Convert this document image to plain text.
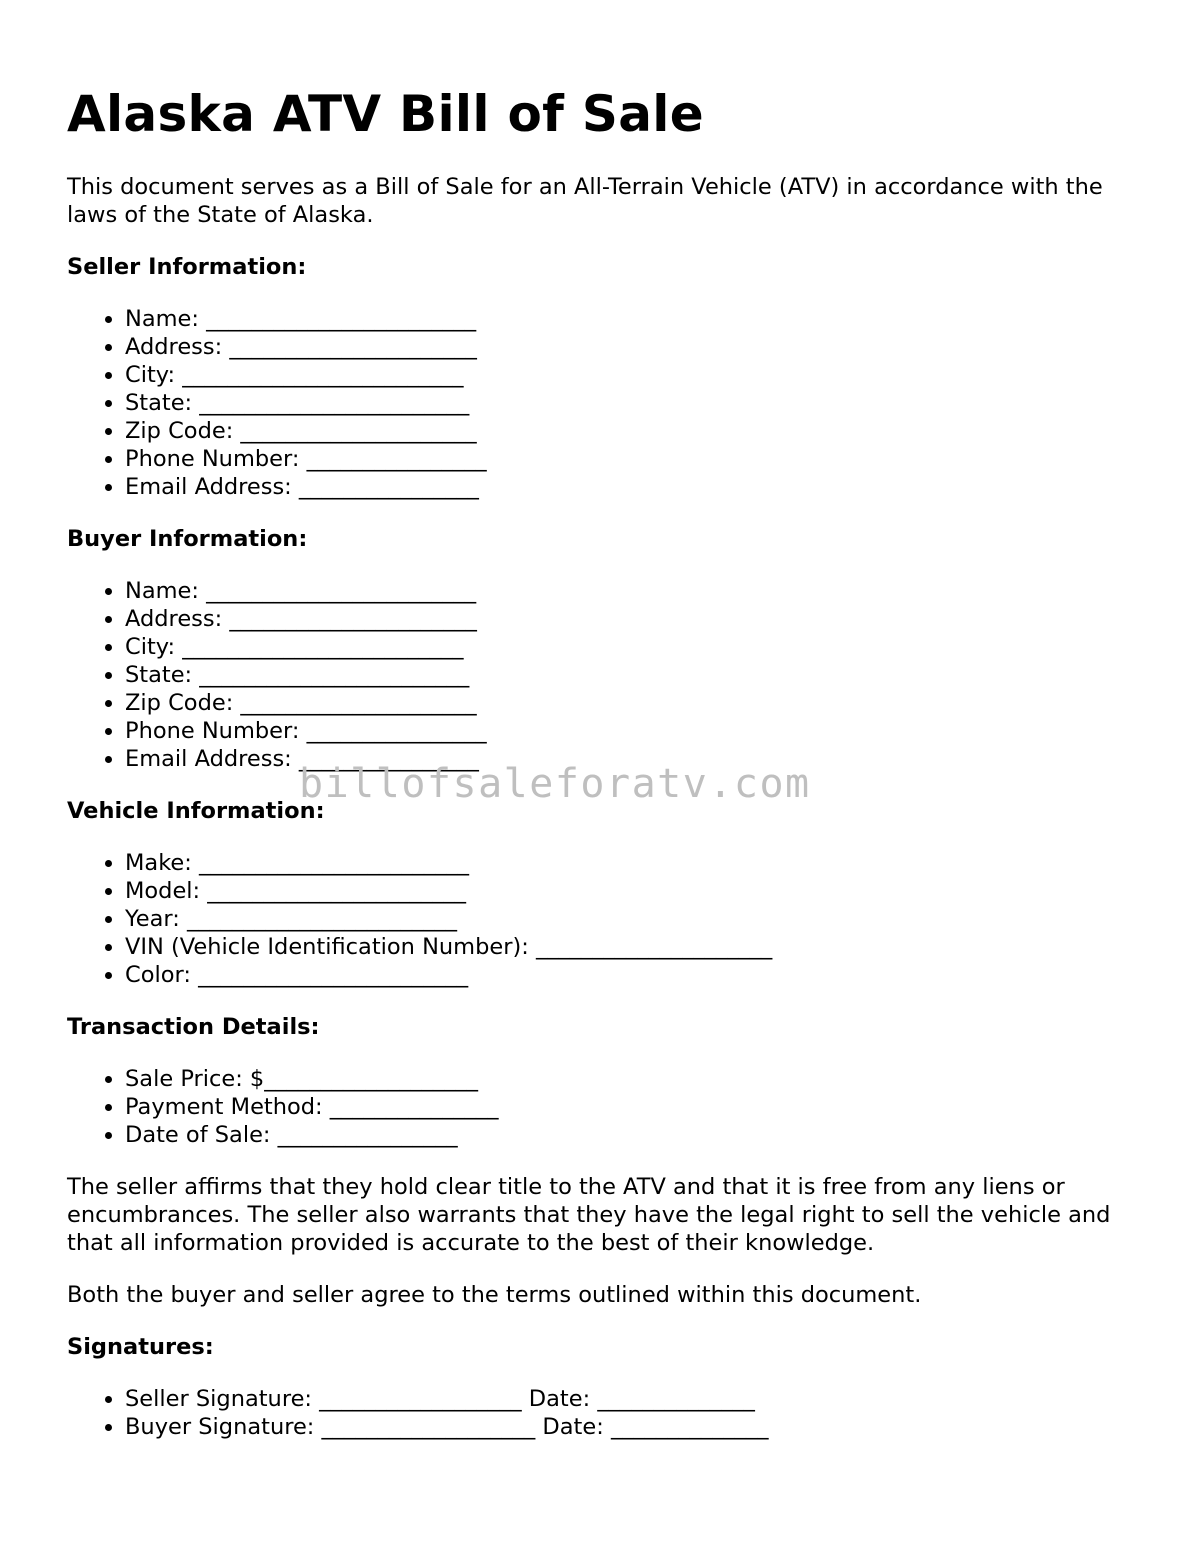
Alaska ATV Bill of Sale

This document serves as a Bill of Sale for an All-Terrain Vehicle (ATV) in accordance with the laws of the State of Alaska.

Seller Information:
• Name: ________________________
• Address: ______________________
• City: _________________________
• State: ________________________
• Zip Code: _____________________
• Phone Number: ________________
• Email Address: ________________
Buyer Information:
• Name: ________________________
• Address: ______________________
• City: _________________________
• State: ________________________
• Zip Code: _____________________
• Phone Number: ________________
• Email Address: ________________
Vehicle Information:
• Make: ________________________
• Model: _______________________
• Year: ________________________
• VIN (Vehicle Identification Number): _____________________
• Color: ________________________
Transaction Details:
• Sale Price: $___________________
• Payment Method: _______________
• Date of Sale: ________________

The seller affirms that they hold clear title to the ATV and that it is free from any liens or encumbrances. The seller also warrants that they have the legal right to sell the vehicle and that all information provided is accurate to the best of their knowledge.

Both the buyer and seller agree to the terms outlined within this document.

Signatures:
• Seller Signature: __________________ Date: ______________
• Buyer Signature: ___________________ Date: ______________
billofsaleforatv.com
